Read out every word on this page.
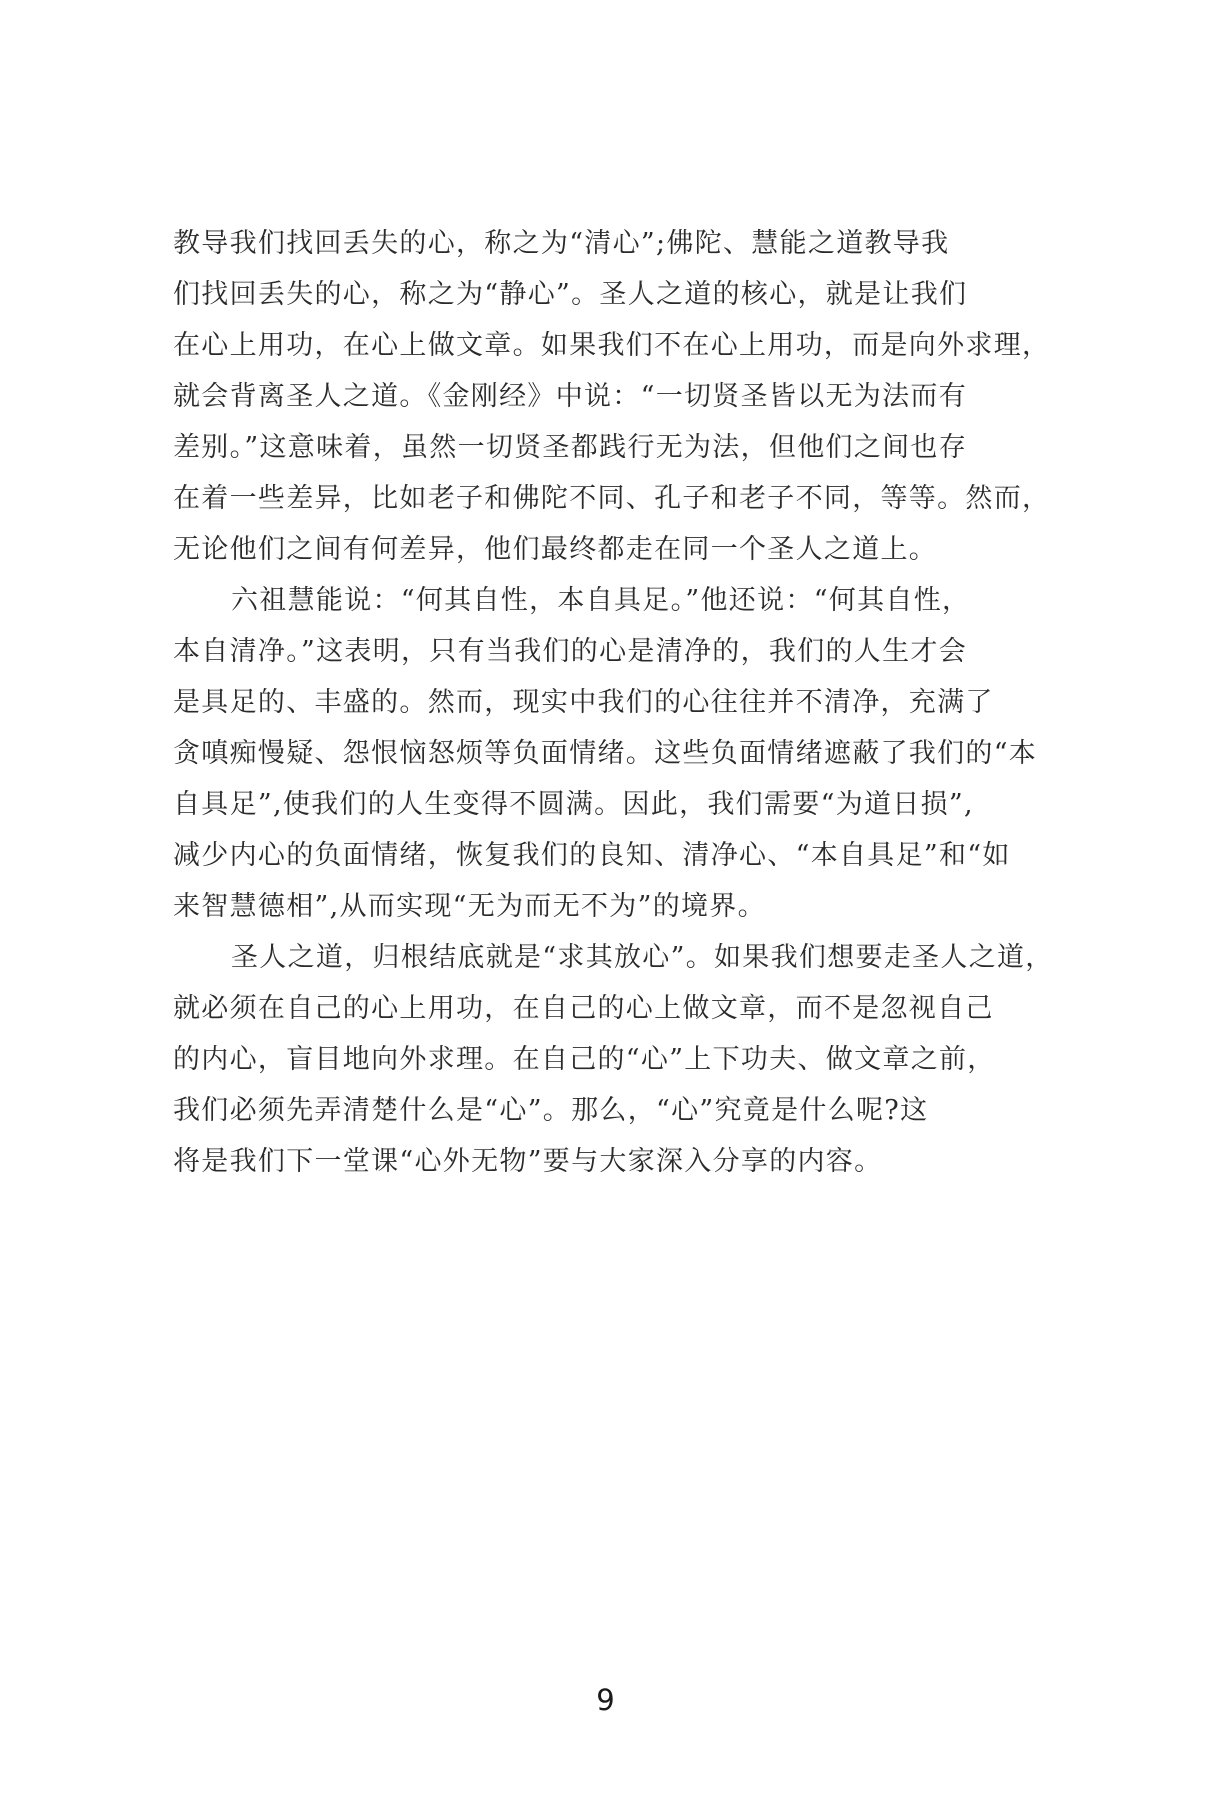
教导我们找回丢失的心，称之为“清心”;佛陀、慧能之道教导我
们找回丢失的心，称之为“静心”。圣人之道的核心，就是让我们
在心上用功，在心上做文章。如果我们不在心上用功，而是向外求理，
就会背离圣人之道。《金刚经》中说：“一切贤圣皆以无为法而有
差别。”这意味着，虽然一切贤圣都践行无为法，但他们之间也存
在着一些差异，比如老子和佛陀不同、孔子和老子不同，等等。然而，
无论他们之间有何差异，他们最终都走在同一个圣人之道上。
六祖慧能说：“何其自性，本自具足。”他还说：“何其自性，
本自清净。”这表明，只有当我们的心是清净的，我们的人生才会
是具足的、丰盛的。然而，现实中我们的心往往并不清净，充满了
贪嗔痴慢疑、怨恨恼怒烦等负面情绪。这些负面情绪遮蔽了我们的“本
自具足”,使我们的人生变得不圆满。因此，我们需要“为道日损”,
减少内心的负面情绪，恢复我们的良知、清净心、“本自具足”和“如
来智慧德相”,从而实现“无为而无不为”的境界。
圣人之道，归根结底就是“求其放心”。如果我们想要走圣人之道，
就必须在自己的心上用功，在自己的心上做文章，而不是忽视自己
的内心，盲目地向外求理。在自己的“心”上下功夫、做文章之前，
我们必须先弄清楚什么是“心”。那么，“心”究竟是什么呢?这
将是我们下一堂课“心外无物”要与大家深入分享的内容。
9
